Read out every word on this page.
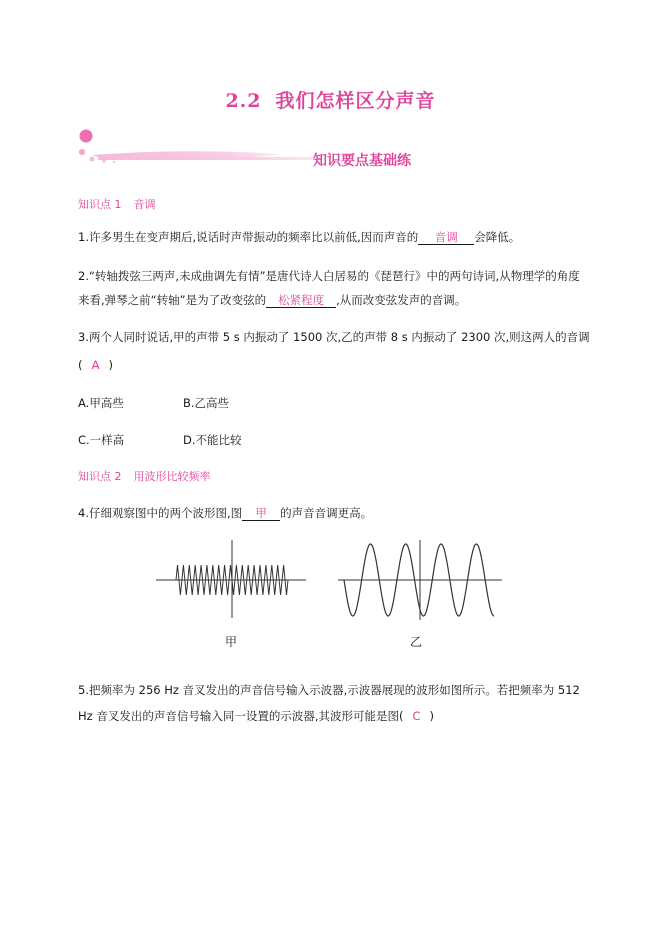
2.2 我们怎样区分声音
知识要点基础练
知识点 1 音调
1.许多男生在变声期后,说话时声带振动的频率比以前低,因而声音的 音调 会降低。
2.“转轴拨弦三两声,未成曲调先有情”是唐代诗人白居易的《琵琶行》中的两句诗词,从物理学的角度
来看,弹琴之前“转轴”是为了改变弦的 松紧程度 ,从而改变弦发声的音调。
3.两个人同时说话,甲的声带 5 s 内振动了 1500 次,乙的声带 8 s 内振动了 2300 次,则这两人的音调
( A )
A.甲高些	B.乙高些
C.一样高	D.不能比较
知识点 2 用波形比较频率
4.仔细观察图中的两个波形图,图 甲 的声音音调更高。
甲	乙
5.把频率为 256 Hz 音叉发出的声音信号输入示波器,示波器展现的波形如图所示。若把频率为 512
Hz 音叉发出的声音信号输入同一设置的示波器,其波形可能是图( C )
